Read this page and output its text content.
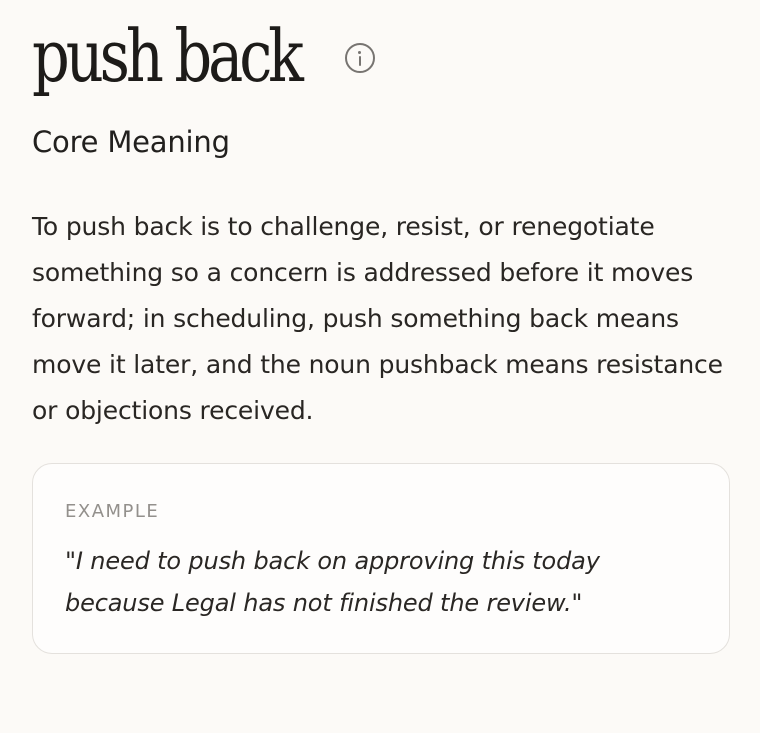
push back
Core Meaning

To push back is to challenge, resist, or renegotiate something so a concern is addressed before it moves forward; in scheduling, push something back means move it later, and the noun pushback means resistance or objections received.

EXAMPLE

"I need to push back on approving this today because Legal has not finished the review."
